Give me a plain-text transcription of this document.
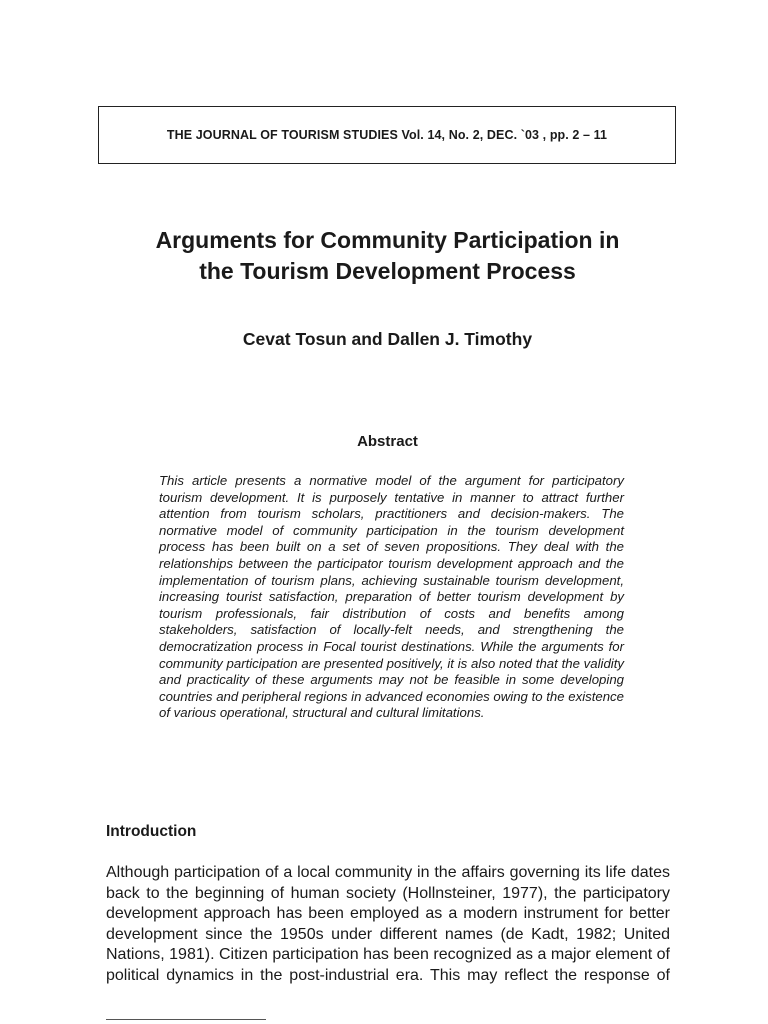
THE JOURNAL OF TOURISM STUDIES Vol. 14, No. 2, DEC. `03 , pp. 2 – 11
Arguments for Community Participation in
the Tourism Development Process
Cevat Tosun and Dallen J. Timothy
Abstract
This article presents a normative model of the argument for participatory tourism development. It is purposely tentative in manner to attract further attention from tourism scholars, practitioners and decision-makers. The normative model of community participation in the tourism development process has been built on a set of seven propositions. They deal with the relationships between the participator tourism development approach and the implementation of tourism plans, achieving sustainable tourism development, increasing tourist satisfaction, preparation of better tourism development by tourism professionals, fair distribution of costs and benefits among stakeholders, satisfaction of locally-felt needs, and strengthening the democratization process in Focal tourist destinations. While the arguments for community participation are presented positively, it is also noted that the validity and practicality of these arguments may not be feasible in some developing countries and peripheral regions in advanced economies owing to the existence of various operational, structural and cultural limitations.
Introduction
Although participation of a local community in the affairs governing its life dates back to the beginning of human society (Hollnsteiner, 1977), the participatory development approach has been employed as a modern instrument for better development since the 1950s under different names (de Kadt, 1982; United Nations, 1981). Citizen participation has been recognized as a major element of political dynamics in the post-industrial era. This may reflect the response of
